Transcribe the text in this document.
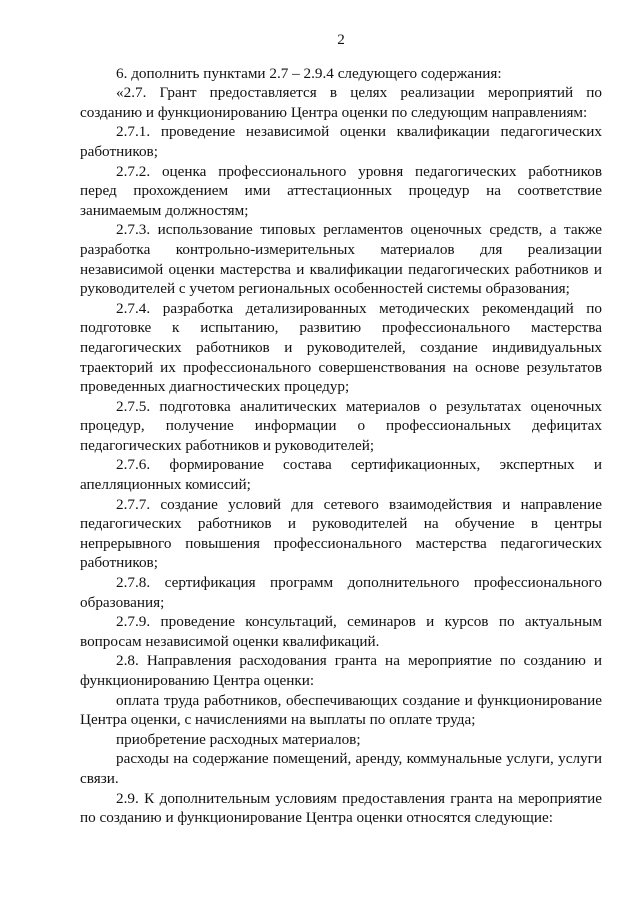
2

6. дополнить пунктами 2.7 – 2.9.4 следующего содержания:

«2.7. Грант предоставляется в целях реализации мероприятий по созданию и функционированию Центра оценки по следующим направлениям:

2.7.1. проведение независимой оценки квалификации педагогических работников;

2.7.2. оценка профессионального уровня педагогических работников перед прохождением ими аттестационных процедур на соответствие занимаемым должностям;

2.7.3. использование типовых регламентов оценочных средств, а также разработка контрольно-измерительных материалов для реализации независимой оценки мастерства и квалификации педагогических работников и руководителей с учетом региональных особенностей системы образования;

2.7.4. разработка детализированных методических рекомендаций по подготовке к испытанию, развитию профессионального мастерства педагогических работников и руководителей, создание индивидуальных траекторий их профессионального совершенствования на основе результатов проведенных диагностических процедур;

2.7.5. подготовка аналитических материалов о результатах оценочных процедур, получение информации о профессиональных дефицитах педагогических работников и руководителей;

2.7.6. формирование состава сертификационных, экспертных и апелляционных комиссий;

2.7.7. создание условий для сетевого взаимодействия и направление педагогических работников и руководителей на обучение в центры непрерывного повышения профессионального мастерства педагогических работников;

2.7.8. сертификация программ дополнительного профессионального образования;

2.7.9. проведение консультаций, семинаров и курсов по актуальным вопросам независимой оценки квалификаций.

2.8. Направления расходования гранта на мероприятие по созданию и функционированию Центра оценки:

оплата труда работников, обеспечивающих создание и функционирование Центра оценки, с начислениями на выплаты по оплате труда;

приобретение расходных материалов;

расходы на содержание помещений, аренду, коммунальные услуги, услуги связи.

2.9. К дополнительным условиям предоставления гранта на мероприятие по созданию и функционирование Центра оценки относятся следующие:
